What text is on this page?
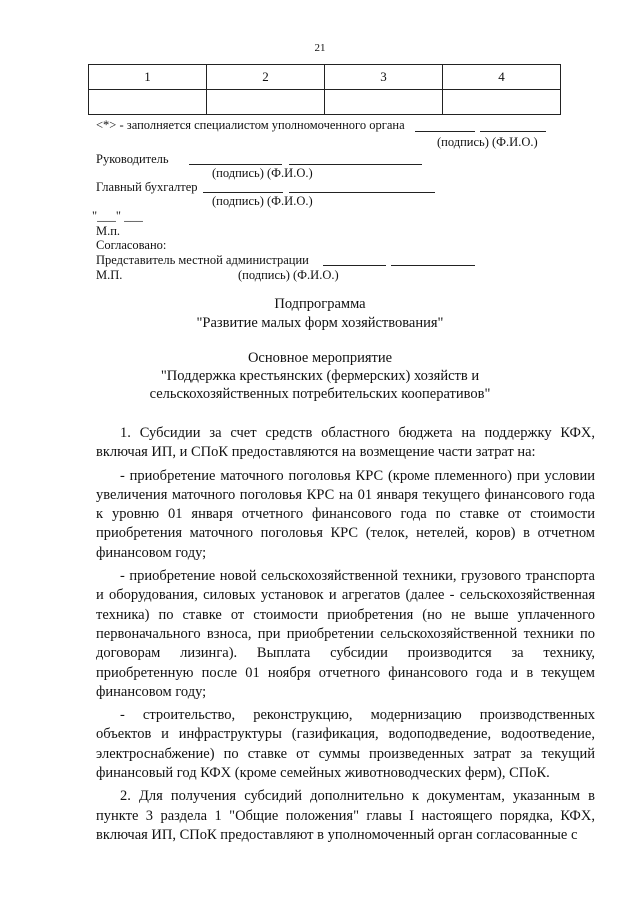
21
1	2	3	4

<*> - заполняется специалистом уполномоченного органа
(подпись) (Ф.И.О.)
Руководитель
(подпись) (Ф.И.О.)
Главный бухгалтер
(подпись) (Ф.И.О.)
"___" ___
М.п.
Согласовано:
Представитель местной администрации
М.П.	(подпись) (Ф.И.О.)
Подпрограмма
"Развитие малых форм хозяйствования"
Основное мероприятие
"Поддержка крестьянских (фермерских) хозяйств и
сельскохозяйственных потребительских кооперативов"

1. Субсидии за счет средств областного бюджета на поддержку КФХ, включая ИП, и СПоК предоставляются на возмещение части затрат на:

- приобретение маточного поголовья КРС (кроме племенного) при условии увеличения маточного поголовья КРС на 01 января текущего финансового года к уровню 01 января отчетного финансового года по ставке от стоимости приобретения маточного поголовья КРС (телок, нетелей, коров) в отчетном финансовом году;

- приобретение новой сельскохозяйственной техники, грузового транспорта и оборудования, силовых установок и агрегатов (далее - сельскохозяйственная техника) по ставке от стоимости приобретения (но не выше уплаченного первоначального взноса, при приобретении сельскохозяйственной техники по договорам лизинга). Выплата субсидии производится за технику, приобретенную после 01 ноября отчетного финансового года и в текущем финансовом году;

- строительство, реконструкцию, модернизацию производственных объектов и инфраструктуры (газификация, водоподведение, водоотведение, электроснабжение) по ставке от суммы произведенных затрат за текущий финансовый год КФХ (кроме семейных животноводческих ферм), СПоК.

2. Для получения субсидий дополнительно к документам, указанным в пункте 3 раздела 1 "Общие положения" главы I настоящего порядка, КФХ, включая ИП, СПоК предоставляют в уполномоченный орган согласованные с
